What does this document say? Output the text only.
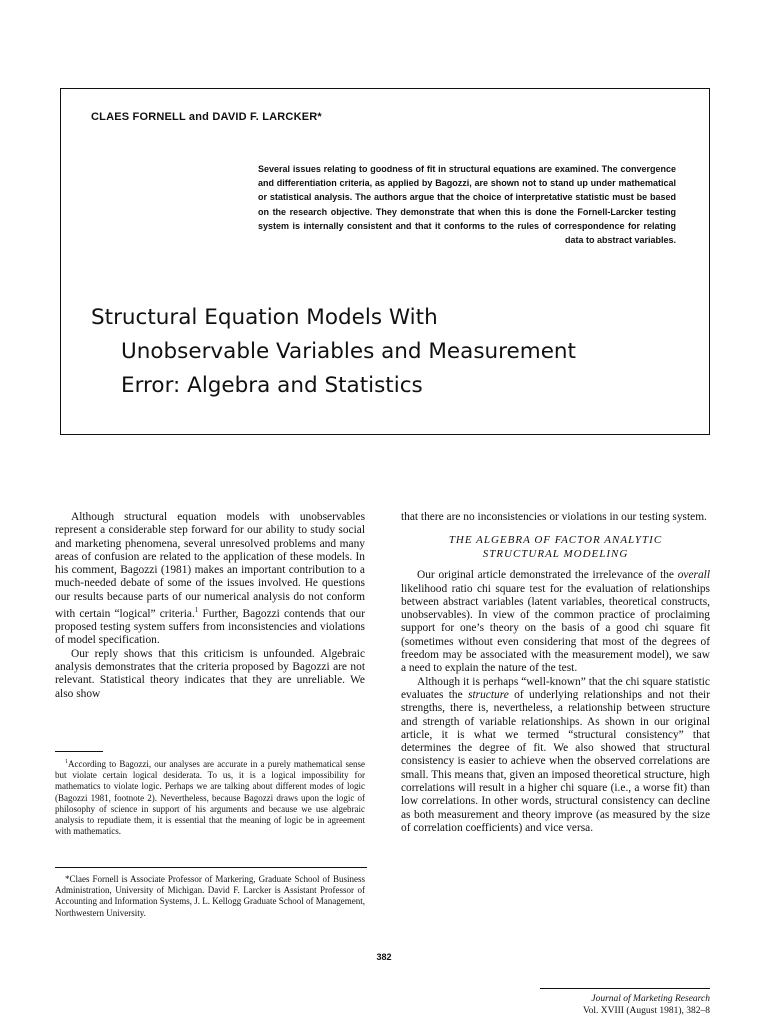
CLAES FORNELL and DAVID F. LARCKER*
Several issues relating to goodness of fit in structural equations are examined. The convergence and differentiation criteria, as applied by Bagozzi, are shown not to stand up under mathematical or statistical analysis. The authors argue that the choice of interpretative statistic must be based on the research objective. They demonstrate that when this is done the Fornell-Larcker testing system is internally consistent and that it conforms to the rules of correspondence for relating data to abstract variables.
Structural Equation Models With
Unobservable Variables and Measurement
Error: Algebra and Statistics

Although structural equation models with unobservables represent a considerable step forward for our ability to study social and marketing phenomena, several unresolved problems and many areas of confusion are related to the application of these models. In his comment, Bagozzi (1981) makes an important contribution to a much-needed debate of some of the issues involved. He questions our results because parts of our numerical analysis do not conform with certain “logical” criteria.$^1$ Further, Bagozzi contends that our proposed testing system suffers from inconsistencies and violations of model specification.

Our reply shows that this criticism is unfounded. Algebraic analysis demonstrates that the criteria proposed by Bagozzi are not relevant. Statistical theory indicates that they are unreliable. We also show

$^1$According to Bagozzi, our analyses are accurate in a purely mathematical sense but violate certain logical desiderata. To us, it is a logical impossibility for mathematics to violate logic. Perhaps we are talking about different modes of logic (Bagozzi 1981, footnote 2). Nevertheless, because Bagozzi draws upon the logic of philosophy of science in support of his arguments and because we use algebraic analysis to repudiate them, it is essential that the meaning of logic be in agreement with mathematics.
*Claes Fornell is Associate Professor of Markering, Graduate School of Business Administration, University of Michigan. David F. Larcker is Assistant Professor of Accounting and Information Systems, J. L. Kellogg Graduate School of Management, Northwestern University.

that there are no inconsistencies or violations in our testing system.

THE ALGEBRA OF FACTOR ANALYTIC
STRUCTURAL MODELING

Our original article demonstrated the irrelevance of the overall likelihood ratio chi square test for the evaluation of relationships between abstract variables (latent variables, theoretical constructs, unobservables). In view of the common practice of proclaiming support for one’s theory on the basis of a good chi square fit (sometimes without even considering that most of the degrees of freedom may be associated with the measurement model), we saw a need to explain the nature of the test.

Although it is perhaps “well-known” that the chi square statistic evaluates the structure of underlying relationships and not their strengths, there is, nevertheless, a relationship between structure and strength of variable relationships. As shown in our original article, it is what we termed “structural consistency” that determines the degree of fit. We also showed that structural consistency is easier to achieve when the observed correlations are small. This means that, given an imposed theoretical structure, high correlations will result in a higher chi square (i.e., a worse fit) than low correlations. In other words, structural consistency can decline as both measurement and theory improve (as measured by the size of correlation coefficients) and vice versa.

382
Journal of Marketing Research
Vol. XVIII (August 1981), 382–8
